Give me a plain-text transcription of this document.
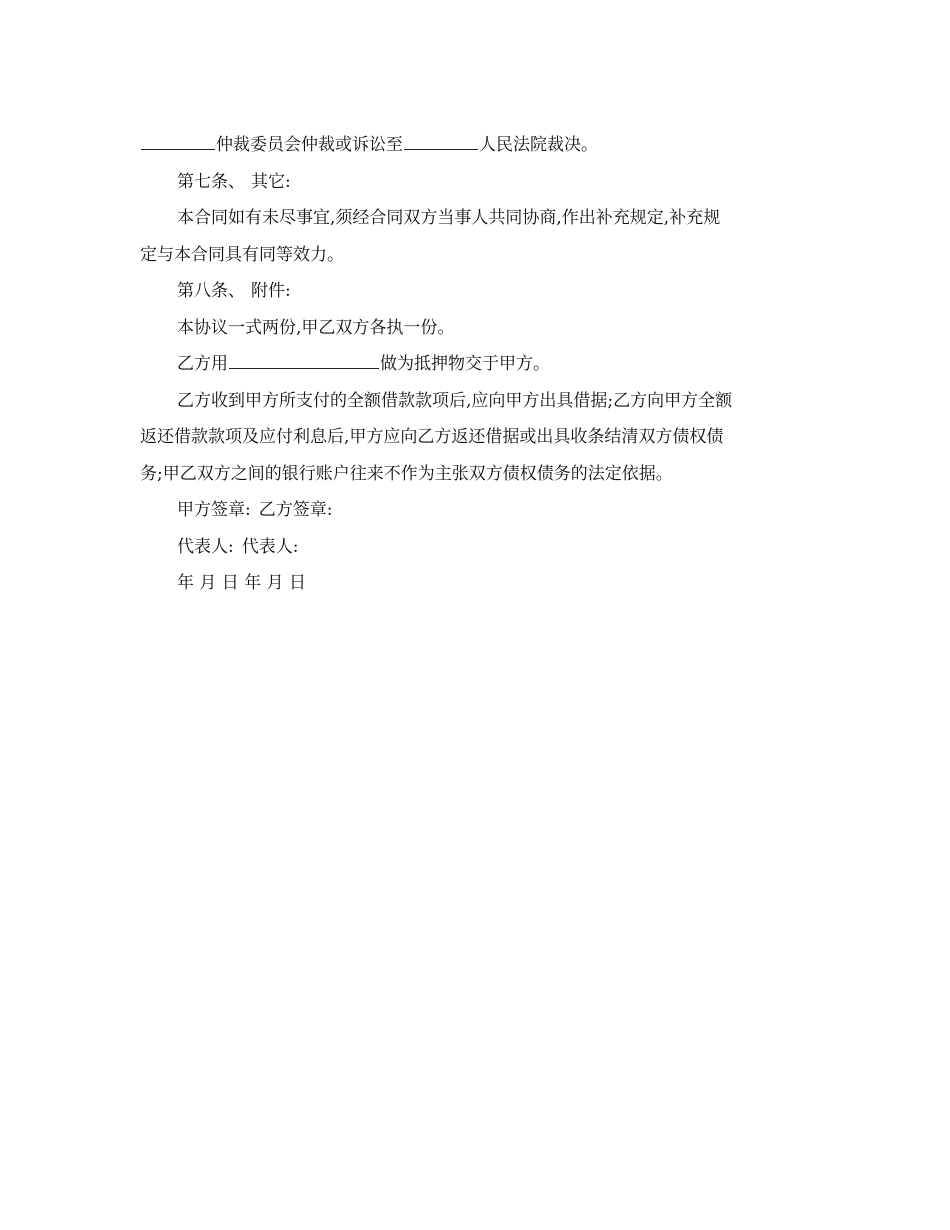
仲裁委员会仲裁或诉讼至	人民法院裁决。
第七条、 其它:
本合同如有未尽事宜,须经合同双方当事人共同协商,作出补充规定,补充规
定与本合同具有同等效力。
第八条、 附件:
本协议一式两份,甲乙双方各执一份。
乙方用	做为抵押物交于甲方。
乙方收到甲方所支付的全额借款款项后,应向甲方出具借据;乙方向甲方全额
返还借款款项及应付利息后,甲方应向乙方返还借据或出具收条结清双方债权债
务;甲乙双方之间的银行账户往来不作为主张双方债权债务的法定依据。
甲方签章: 乙方签章:
代表人: 代表人:
年 月 日 年 月 日
